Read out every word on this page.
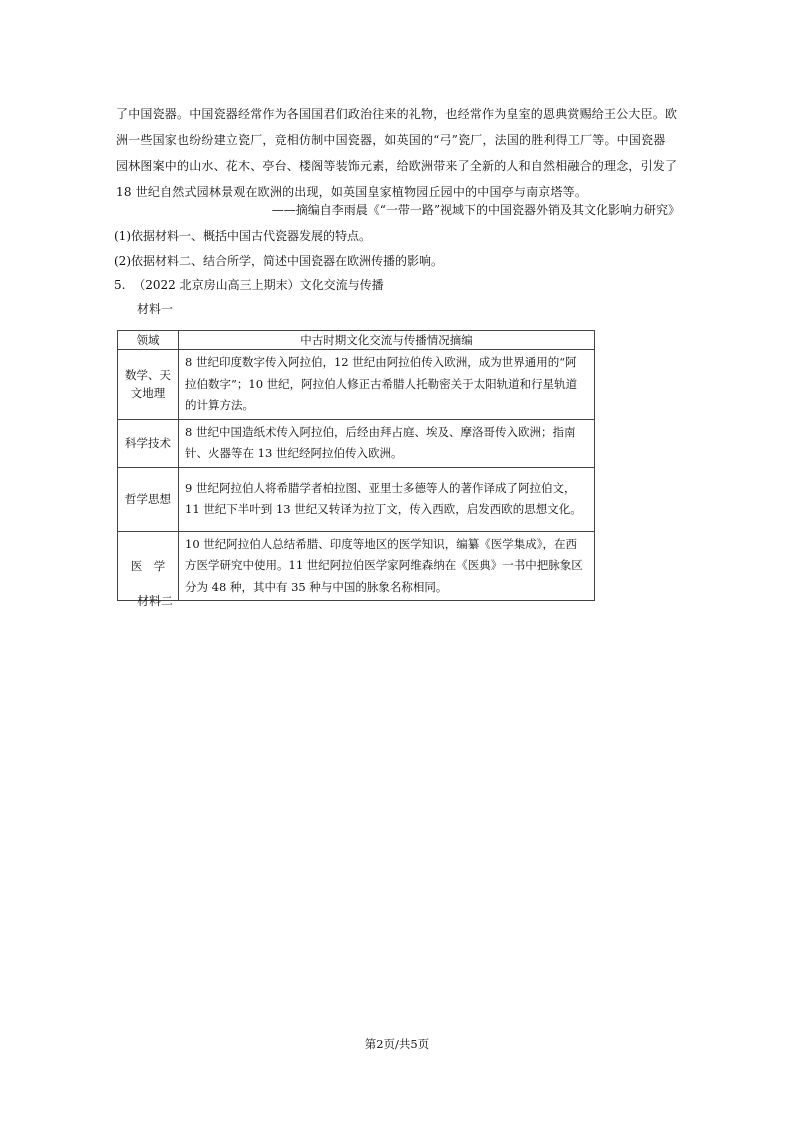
了中国瓷器。中国瓷器经常作为各国国君们政治往来的礼物，也经常作为皇室的恩典赏赐给王公大臣。欧
洲一些国家也纷纷建立瓷厂，竞相仿制中国瓷器，如英国的“弓”瓷厂，法国的胜利得工厂等。中国瓷器
园林图案中的山水、花木、亭台、楼阁等装饰元素，给欧洲带来了全新的人和自然相融合的理念，引发了
18 世纪自然式园林景观在欧洲的出现，如英国皇家植物园丘园中的中国亭与南京塔等。
——摘编自李雨晨《“一带一路”视域下的中国瓷器外销及其文化影响力研究》
(1)依据材料一、概括中国古代瓷器发展的特点。
(2)依据材料二、结合所学，简述中国瓷器在欧洲传播的影响。
5. （2022 北京房山高三上期末）文化交流与传播
材料一
领域	中古时期文化交流与传播情况摘编
数学、天文地理	8 世纪印度数字传入阿拉伯，12 世纪由阿拉伯传入欧洲，成为世界通用的“阿拉伯数字”；10 世纪，阿拉伯人修正古希腊人托勒密关于太阳轨道和行星轨道的计算方法。
科学技术	8 世纪中国造纸术传入阿拉伯，后经由拜占庭、埃及、摩洛哥传入欧洲；指南针、火器等在 13 世纪经阿拉伯传入欧洲。
哲学思想	9 世纪阿拉伯人将希腊学者柏拉图、亚里士多德等人的著作译成了阿拉伯文，11 世纪下半叶到 13 世纪又转译为拉丁文，传入西欧，启发西欧的思想文化。
医　学	10 世纪阿拉伯人总结希腊、印度等地区的医学知识，编纂《医学集成》，在西方医学研究中使用。11 世纪阿拉伯医学家阿维森纳在《医典》一书中把脉象区分为 48 种，其中有 35 种与中国的脉象名称相同。
材料二
第2页/共5页
